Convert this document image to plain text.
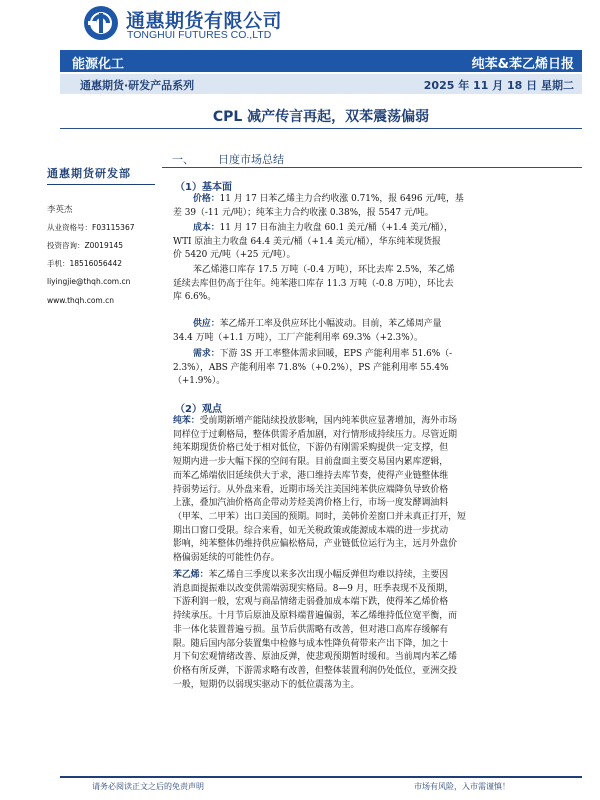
通惠期货有限公司
TONGHUI FUTURES CO.,LTD
能源化工	纯苯&苯乙烯日报
通惠期货·研发产品系列	2025 年 11 月 18 日 星期二
CPL 减产传言再起，双苯震荡偏弱
通惠期货研发部
李英杰
从业资格号：F03115367
投资咨询：Z0019145
手机：18516056442
liyingjie@thqh.com.cn
www.thqh.com.cn
一、 日度市场总结
（1）基本面
价格：11 月 17 日苯乙烯主力合约收涨 0.71%，报 6496 元/吨，基
差 39（-11 元/吨）；纯苯主力合约收涨 0.38%，报 5547 元/吨。
成本：11 月 17 日布油主力收盘 60.1 美元/桶（+1.4 美元/桶），
WTI 原油主力收盘 64.4 美元/桶（+1.4 美元/桶），华东纯苯现货报
价 5420 元/吨（+25 元/吨）。
苯乙烯港口库存 17.5 万吨（-0.4 万吨），环比去库 2.5%，苯乙烯
延续去库但仍高于往年。纯苯港口库存 11.3 万吨（-0.8 万吨），环比去
库 6.6%。
供应：苯乙烯开工率及供应环比小幅波动。目前，苯乙烯周产量
34.4 万吨（+1.1 万吨），工厂产能利用率 69.3%（+2.3%）。
需求：下游 3S 开工率整体需求回暖，EPS 产能利用率 51.6%（-
2.3%），ABS 产能利用率 71.8%（+0.2%），PS 产能利用率 55.4%
（+1.9%）。
（2）观点
纯苯：受前期新增产能陆续投放影响，国内纯苯供应显著增加，海外市场
同样位于过剩格局，整体供需矛盾加剧，对行情形成持续压力。尽管近期
纯苯期现货价格已处于相对低位，下游仍有刚需采购提供一定支撑，但
短期内进一步大幅下探的空间有限。目前盘面主要交易国内累库逻辑，
而苯乙烯端依旧延续供大于求，港口维持去库节奏，使得产业链整体维
持弱势运行。从外盘来看，近期市场关注美国纯苯供应端降负导致价格
上涨，叠加汽油价格高企带动芳烃美湾价格上行，市场一度发酵调油料
（甲苯、二甲苯）出口美国的预期。同时，美韩价差窗口并未真正打开，短
期出口窗口受限。综合来看，如无关税政策或能源成本端的进一步扰动
影响，纯苯整体仍维持供应偏松格局，产业链低位运行为主，远月外盘价
格偏弱延续的可能性仍存。
苯乙烯：苯乙烯自三季度以来多次出现小幅反弹但均难以持续，主要因
消息面提振难以改变供需端弱现实格局。8—9 月，旺季表现不及预期，
下游利润一般，宏观与商品情绪走弱叠加成本端下跌，使得苯乙烯价格
持续承压。十月节后原油及原料端普遍偏弱，苯乙烯维持低位宽平衡，而
非一体化装置普遍亏损。虽节后供需略有改善，但对港口高库存缓解有
限。随后国内部分装置集中检修与成本性降负荷带来产出下降，加之十
月下旬宏观情绪改善、原油反弹，使悲观预期暂时缓和。当前周内苯乙烯
价格有所反弹，下游需求略有改善，但整体装置利润仍处低位，亚洲交投
一般，短期仍以弱现实驱动下的低位震荡为主。
请务必阅读正文之后的免责声明	市场有风险，入市需谨慎！
